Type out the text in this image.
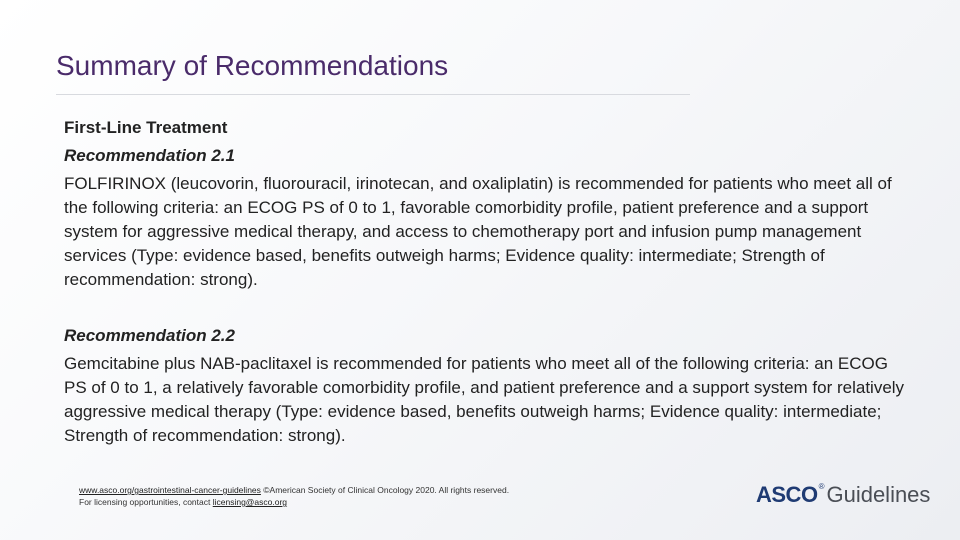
Summary of Recommendations

First-Line Treatment

Recommendation 2.1

FOLFIRINOX (leucovorin, fluorouracil, irinotecan, and oxaliplatin) is recommended for patients who meet all of the following criteria: an ECOG PS of 0 to 1, favorable comorbidity profile, patient preference and a support system for aggressive medical therapy, and access to chemotherapy port and infusion pump management services (Type: evidence based, benefits outweigh harms; Evidence quality: intermediate; Strength of recommendation: strong).

Recommendation 2.2

Gemcitabine plus NAB-paclitaxel is recommended for patients who meet all of the following criteria: an ECOG PS of 0 to 1, a relatively favorable comorbidity profile, and patient preference and a support system for relatively aggressive medical therapy (Type: evidence based, benefits outweigh harms; Evidence quality: intermediate; Strength of recommendation: strong).

www.asco.org/gastrointestinal-cancer-guidelines ©American Society of Clinical Oncology 2020. All rights reserved.
For licensing opportunities, contact licensing@asco.org	ASCO ® Guidelines
